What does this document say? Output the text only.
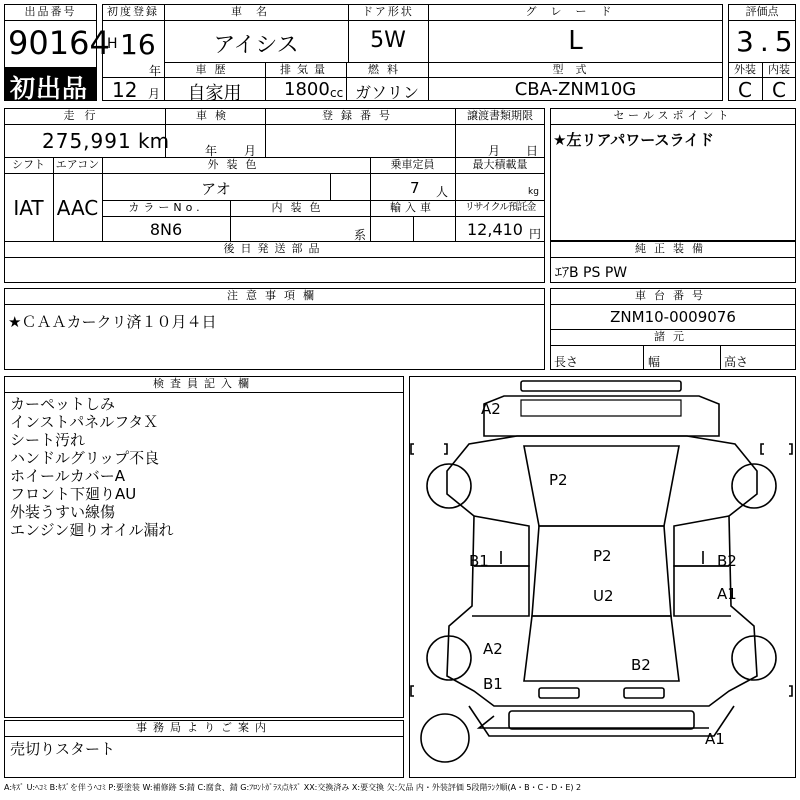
出品番号
90164
初出品
初度登録
H 16
年
12 月
車名
アイシス
ドア形状
5W
グレード
L
車歴
自家用
排気量
1800 cc
燃料
ガソリン
型式
CBA-ZNM10G
評価点
3.5
外装	内装
C	C
走行
275,991 km
車検
年 月
登録番号	譲渡書類期限
月 日
シフト
IAT
エアコン
AAC
外装色
アオ
乗車定員
7 人
最大積載量
kg
カラーNo.
8N6
内装色
系
輸入車	リサイクル預託金
12,410 円
後日発送部品
セールスポイント
★左リアパワースライド
純正装備
ｴｱB PS PW
注意事項欄
★ＣＡＡカークリ済１０月４日
車台番号
ZNM10-0009076
諸元
長さ	幅	高さ
検査員記入欄
カーペットしみ
インストパネルフタＸ
シート汚れ
ハンドルグリップ不良
ホイールカバーA
フロント下廻りAU
外装うすい線傷
エンジン廻りオイル漏れ
事務局よりご案内
売切りスタート
A2
P2
B1	P2
U2
B2
A1
A2
B1
B2
A1
A:ｷｽﾞ U:ﾍｺﾐ B:ｷｽﾞを伴うﾍｺﾐ P:要塗装 W:補修跡 S:錆 C:腐食、錆 G:ﾌﾛﾝﾄｶﾞﾗｽ点ｷｽﾞ XX:交換済み X:要交換 欠:欠品 内・外装評価 5段階ﾗﾝｸ順(A・B・C・D・E) 2
